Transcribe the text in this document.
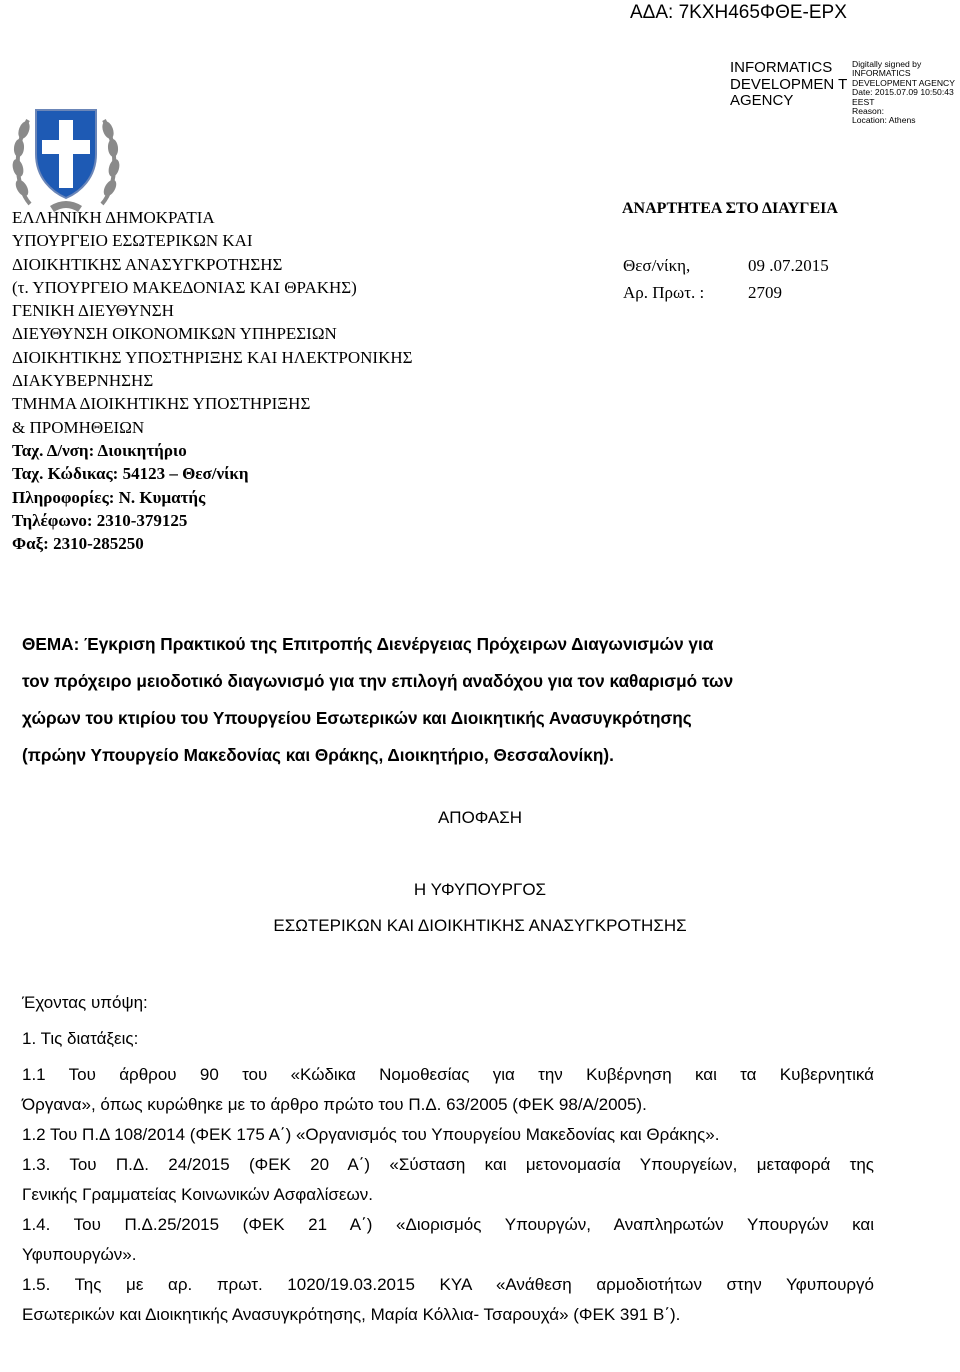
ΑΔΑ: 7ΚΧΗ465ΦΘΕ-ΕΡΧ
INFORMATICS DEVELOPMEN T AGENCY
Digitally signed by
INFORMATICS
DEVELOPMENT AGENCY
Date: 2015.07.09 10:50:43
EEST
Reason:
Location: Athens
ΕΛΛΗΝΙΚΗ ΔΗΜΟΚΡΑΤΙΑ
ΥΠΟΥΡΓΕΙΟ ΕΣΩΤΕΡΙΚΩΝ ΚΑΙ
ΔΙΟΙΚΗΤΙΚΗΣ ΑΝΑΣΥΓΚΡΟΤΗΣΗΣ
(τ. ΥΠΟΥΡΓΕΙΟ ΜΑΚΕΔΟΝΙΑΣ ΚΑΙ ΘΡΑΚΗΣ)
ΓΕΝΙΚΗ ΔΙΕΥΘΥΝΣΗ
ΔΙΕΥΘΥΝΣΗ ΟΙΚΟΝΟΜΙΚΩΝ ΥΠΗΡΕΣΙΩΝ
ΔΙΟΙΚΗΤΙΚΗΣ ΥΠΟΣΤΗΡΙΞΗΣ ΚΑΙ ΗΛΕΚΤΡΟΝΙΚΗΣ
ΔΙΑΚΥΒΕΡΝΗΣΗΣ
ΤΜΗΜΑ ΔΙΟΙΚΗΤΙΚΗΣ ΥΠΟΣΤΗΡΙΞΗΣ
& ΠΡΟΜΗΘΕΙΩΝ
Ταχ. Δ/νση: Διοικητήριο
Ταχ. Κώδικας: 54123 – Θεσ/νίκη
Πληροφορίες: Ν. Κυματής
Τηλέφωνο: 2310-379125
Φαξ: 2310-285250
ΑΝΑΡΤΗΤΕΑ ΣΤΟ ΔΙΑΥΓΕΙΑ
Θεσ/νίκη,	09 .07.2015
Αρ. Πρωτ. :	2709
ΘΕΜΑ: Έγκριση Πρακτικού της Επιτροπής Διενέργειας Πρόχειρων Διαγωνισμών για
τον πρόχειρο μειοδοτικό διαγωνισμό για την επιλογή αναδόχου για τον καθαρισμό των
χώρων του κτιρίου του Υπουργείου Εσωτερικών και Διοικητικής Ανασυγκρότησης
(πρώην Υπουργείο Μακεδονίας και Θράκης, Διοικητήριο, Θεσσαλονίκη).
ΑΠΟΦΑΣΗ
Η ΥΦΥΠΟΥΡΓΟΣ
ΕΣΩΤΕΡΙΚΩΝ ΚΑΙ ΔΙΟΙΚΗΤΙΚΗΣ ΑΝΑΣΥΓΚΡΟΤΗΣΗΣ
Έχοντας υπόψη:
1. Τις διατάξεις:
1.1 Του άρθρου 90 του «Κώδικα Νομοθεσίας για την Κυβέρνηση και τα Κυβερνητικά
Όργανα», όπως κυρώθηκε με το άρθρο πρώτο του Π.Δ. 63/2005 (ΦΕΚ 98/Α/2005).
1.2 Του Π.Δ 108/2014 (ΦΕΚ 175 Α΄) «Οργανισμός του Υπουργείου Μακεδονίας και Θράκης».
1.3. Του Π.Δ. 24/2015 (ΦΕΚ 20 Α΄) «Σύσταση και μετονομασία Υπουργείων, μεταφορά της
Γενικής Γραμματείας Κοινωνικών Ασφαλίσεων.
1.4. Του Π.Δ.25/2015 (ΦΕΚ 21 Α΄) «Διορισμός Υπουργών, Αναπληρωτών Υπουργών και
Υφυπουργών».
1.5. Της με αρ. πρωτ. 1020/19.03.2015 ΚΥΑ «Ανάθεση αρμοδιοτήτων στην Υφυπουργό
Εσωτερικών και Διοικητικής Ανασυγκρότησης, Μαρία Κόλλια- Τσαρουχά» (ΦΕΚ 391 Β΄).
